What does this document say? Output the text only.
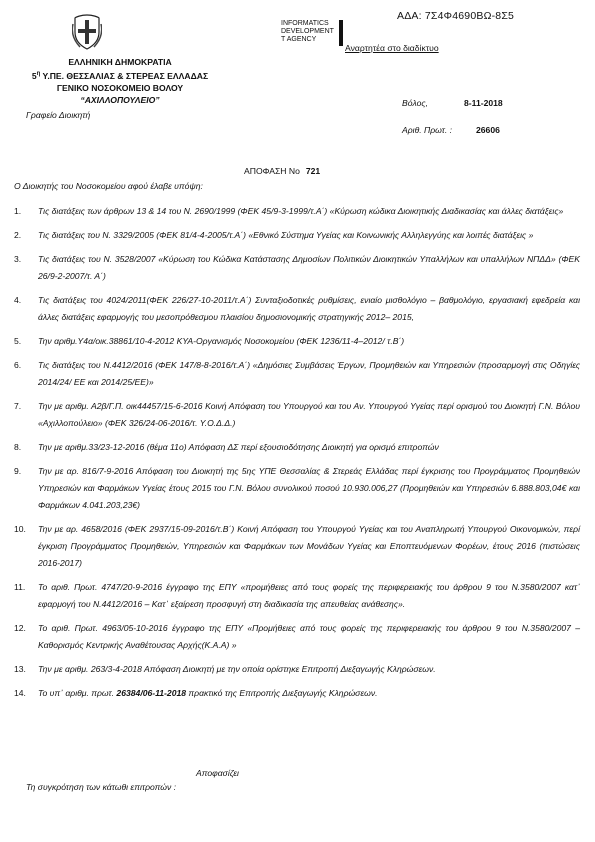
ΑΔΑ: 7Σ4Φ4690ΒΩ-8Σ5
ΕΛΛΗΝΙΚΗ ΔΗΜΟΚΡΑΤΙΑ
$5^\eta$ Υ.ΠΕ. ΘΕΣΣΑΛΙΑΣ & ΣΤΕΡΕΑΣ ΕΛΛΑΔΑΣ
ΓΕΝΙΚΟ ΝΟΣΟΚΟΜΕΙΟ ΒΟΛΟΥ
“ΑΧΙΛΛΟΠΟΥΛΕΙΟ”
Γραφείο Διοικητή
INFORMATICS
DEVELOPMENT
T AGENCY
Αναρτητέα στο διαδίκτυο
Βόλος,	8-11-2018
Αριθ. Πρωτ. :	26606
ΑΠΟΦΑΣΗ Νο 721
Ο Διοικητής του Νοσοκομείου αφού έλαβε υπόψη:
1. Τις διατάξεις των άρθρων 13 & 14 του Ν. 2690/1999 (ΦΕΚ 45/9-3-1999/τ.Α΄) «Κύρωση κώδικα Διοικητικής Διαδικασίας και άλλες διατάξεις»
2. Τις διατάξεις του Ν. 3329/2005 (ΦΕΚ 81/4-4-2005/τ.Α΄) «Εθνικό Σύστημα Υγείας και Κοινωνικής Αλληλεγγύης και λοιπές διατάξεις »
3. Τις διατάξεις του Ν. 3528/2007 «Κύρωση του Κώδικα Κατάστασης Δημοσίων Πολιτικών Διοικητικών Υπαλλήλων και υπαλλήλων ΝΠΔΔ» (ΦΕΚ 26/9-2-2007/τ. Α΄)
4. Τις διατάξεις του 4024/2011(ΦΕΚ 226/27-10-2011/τ.Α΄) Συνταξιοδοτικές ρυθμίσεις, ενιαίο μισθολόγιο – βαθμολόγιο, εργασιακή εφεδρεία και άλλες διατάξεις εφαρμογής του μεσοπρόθεσμου πλαισίου δημοσιονομικής στρατηγικής 2012– 2015,
5. Την αριθμ.Υ4α/οικ.38861/10-4-2012 ΚΥΑ-Οργανισμός Νοσοκομείου (ΦΕΚ 1236/11-4–2012/ τ.Β΄)
6. Τις διατάξεις του Ν.4412/2016 (ΦΕΚ 147/8-8-2016/τ.Α΄) «Δημόσιες Συμβάσεις Έργων, Προμηθειών και Υπηρεσιών (προσαρμογή στις Οδηγίες 2014/24/ ΕΕ και 2014/25/ΕΕ)»
7. Την με αριθμ. Α2β/Γ.Π. οικ44457/15-6-2016 Κοινή Απόφαση του Υπουργού και του Αν. Υπουργού Υγείας περί ορισμού του Διοικητή Γ.Ν. Βόλου «Αχιλλοπούλειο» (ΦΕΚ 326/24-06-2016/τ. Υ.Ο.Δ.Δ.)
8. Την με αριθμ.33/23-12-2016 (θέμα 11ο) Απόφαση ΔΣ περί εξουσιοδότησης Διοικητή για ορισμό επιτροπών
9. Την με αρ. 816/7-9-2016 Απόφαση του Διοικητή της 5ης ΥΠΕ Θεσσαλίας & Στερεάς Ελλάδας περί έγκρισης του Προγράμματος Προμηθειών Υπηρεσιών και Φαρμάκων Υγείας έτους 2015 του Γ.Ν. Βόλου συνολικού ποσού 10.930.006,27 (Προμηθειών και Υπηρεσιών 6.888.803,04€ και Φαρμάκων 4.041.203,23€)
10. Την με αρ. 4658/2016 (ΦΕΚ 2937/15-09-2016/τ.Β΄) Κοινή Απόφαση του Υπουργού Υγείας και του Αναπληρωτή Υπουργού Οικονομικών, περί έγκριση Προγράμματος Προμηθειών, Υπηρεσιών και Φαρμάκων των Μονάδων Υγείας και Εποπτευόμενων Φορέων, έτους 2016 (πιστώσεις 2016-2017)
11. Το αριθ. Πρωτ. 4747/20-9-2016 έγγραφο της ΕΠΥ «προμήθειες από τους φορείς της περιφερειακής του άρθρου 9 του Ν.3580/2007 κατ᾽ εφαρμογή του Ν.4412/2016 – Κατ᾽ εξαίρεση προσφυγή στη διαδικασία της απευθείας ανάθεσης».
12. Το αριθ. Πρωτ. 4963/05-10-2016 έγγραφο της ΕΠΥ «Προμήθειες από τους φορείς της περιφερειακής του άρθρου 9 του Ν.3580/2007 – Καθορισμός Κεντρικής Αναθέτουσας Αρχής(Κ.Α.Α) »
13. Την με αριθμ. 263/3-4-2018 Απόφαση Διοικητή με την οποία ορίστηκε Επιτροπή Διεξαγωγής Κληρώσεων.
14. Το υπ᾽ αριθμ. πρωτ. 26384/06-11-2018 πρακτικό της Επιτροπής Διεξαγωγής Κληρώσεων.
Αποφασίζει
Τη συγκρότηση των κάτωθι επιτροπών :
